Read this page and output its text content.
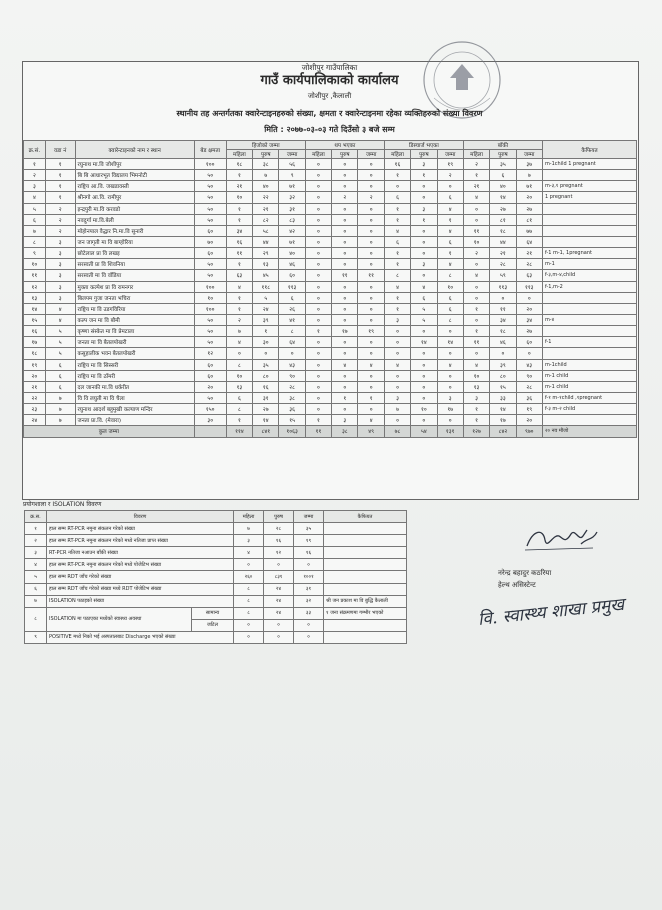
जोशीपुर गाउँपालिका
गाउँ कार्यपालिकाको कार्यालय
जोशीपुर ,कैलाली
स्थानीय तह अन्तर्गतका क्वारेन्टाइनहरुको संख्या, क्षमता र क्वारेन्टाइनमा रहेका व्यक्तिहरुको संख्या विवरण
मिति : २०७७-०३-०३ गते दिउँसो ३ बजे सम्म
क्र.सं.	वडा नं	क्वारेन्टाइनको नाम र स्थान	बेड क्षमता	हिजोको जम्मा			थप भएका			डिस्चार्ज भएका			बाँकी			कैफियत
				महिला	पुरुष	जम्मा	महिला	पुरुष	जम्मा	महिला	पुरुष	जम्मा	महिला	पुरुष	जम्मा	
१	१	रघुनाथ मा.वि जोशीपुर	१००	१८	३८	५६	०	०	०	१६	३	१९	२	३५	३७	m-1child 1 pregnant
२	१	बि बि आधारभूत विद्यालय भिमनोटी	५०	१	७	९	०	०	०	१	१	२	१	६	७	
३	१	राष्ट्रिय आ.वि. जखडावस्ती	५०	२१	४०	७१	०	०	०	०	०	०	२१	४०	७१	m-३,१ pregnant
४	१	श्रीनगो आ.वि. रामीपुर	५०	१०	२२	३२	०	२	२	६	०	६	४	१४	२०	1 pregnant
५	२	इन्द्रपुरी मा.वि करवडो	५०	१	२१	३१	०	०	०	१	३	४	०	२७	२७	
६	२	नवदुर्गा मा.वि.बेली	५०	१	८२	८३	०	०	०	१	१	१	०	८१	८१	
७	२	मोहोनपाल वैद्धार नि.मा.वि सुनारी	६०	३४	५८	४२	०	०	०	४	०	४	११	१८	७७	
८	३	जन जागृती मा वि बाग्होरिया	७०	१६	४४	७१	०	०	०	६	०	६	१०	४४	६४	
९	३	छोटेलाल प्रा वि लखइ	६०	११	२९	४०	०	०	०	१	०	१	२	२१	२१	f-1 m-1, 1pregnant
१०	३	सरस्वती प्रा वि शिवनिया	५०	१	१३	४६	०	०	०	१	३	४	०	२८	२८	m-1
११	३	सरस्वती मा वि वाँडिया	५०	६३	४५	६०	०	११	११	८	०	८	४	५९	६३	f-३,m-४,child
१२	३	मुक्ता कल्पेश प्रा वि रामनगर	१००	४	११८	११३	०	०	०	४	४	१०	०	११३	११३	f-1,m-2
१३	३	बिलपम गुजा जनता भचिरा	१०	१	५	६	०	०	०	१	६	६	०	०	०	
१४	४	राष्ट्रिय मा वि उडगविरिया	१००	१	२४	२६	०	०	०	१	५	६	१	११	२०	
१५	४	कल्प जन मा वि बौमी	५०	२	३९	४१	०	०	०	३	५	८	०	३४	३४	m-४
१६	५	कृष्णा संस्केत मा वि प्रेमटाला	५०	७	१	८	१	१७	१९	०	०	०	१	१८	२७	
१७	५	जनता मा वि बैतलपोखरी	५०	४	३०	६४	०	०	०	०	१४	१४	११	४६	६०	f-1
१८	५	कसुहालीक भवन बैतलपोखरी	१२	०	०	०	०	०	०	०	०	०	०	०	०	
१९	६	राष्ट्रिय मा वि सिस्सरी	६०	८	३५	४३	०	४	४	४	०	४	४	३९	४३	m-1child
२०	६	राष्ट्रिय मा वि ठाँमरी	६०	१०	८०	९०	०	०	०	०	०	०	१०	८०	९०	m-1 child
२१	६	दल जानकी मा.वि धर्करीत	२०	१३	१६	२८	०	०	०	०	०	०	१३	१५	२८	m-1 child
२२	७	वि वि लघुती मा वि चैला	५०	६	३१	३८	०	१	१	३	०	३	३	३३	३६	f-१ m-१child ,१pregnant
२३	७	रघुनाथ आदर्श बहुमुखी कल्याण मन्दिर	१५०	८	२७	३६	०	०	०	७	१०	१७	१	१४	१९	f-३ m-२ child
२४	७	जनता प्रा.वि. (मेवारा)	३०	१	१४	१५	१	३	४	०	०	०	१	१७	२०	
कुल जम्मा				११४	८४१	१०६३	११	३८	४९	७८	५४	१३१	१२७	८४२	९७०	२० नव मौजो
प्रयोगशाला र ISOLATION विवरण
क्र.स.	विवरण		महिला	पुरुष	जम्मा	कैफियत
१	हाल सम्म RT-PCR नमुना संकलन गरेको संख्या		७	२८	३५	
२	हाल सम्म RT-PCR नमुना संकलन गरेको मध्ये नतिजा प्राप्त संख्या		३	१६	१९	
३	RT-PCR नतिजा नआउन बाँकी संख्या		४	१२	१६	
४	हाल सम्म RT-PCR नमुना संकलन गरेको मध्ये पोजेटिभ संख्या		०	०	०	
५	हाल सम्म RDT जाँच गरेको संख्या		२६०	८३१	१००१	
६	हाल सम्म RDT जाँच गरेको संख्या मध्ये RDT पोजेटिभ संख्या		८	२४	३१	
७	ISOLATION पठाइको संख्या		८	२४	३२	श्री जन प्रकाश मा वि बुद्धि कैलाली
८	ISOLATION मा पठाएका मध्येको स्वास्थ्य अवस्था	सामान्य	८	२४	३३	१ जना संक्रमणमा गम्भीर भएको
		जटिल	०	०	०	
९	POSITIVE मध्ये निको भई अस्पतालबाट Discharge भएको संख्या		०	०	०	
नरेन्द्र बहादुर कठरिया
हेल्थ असिस्टेन्ट
वि. स्वास्थ्य शाखा प्रमुख
